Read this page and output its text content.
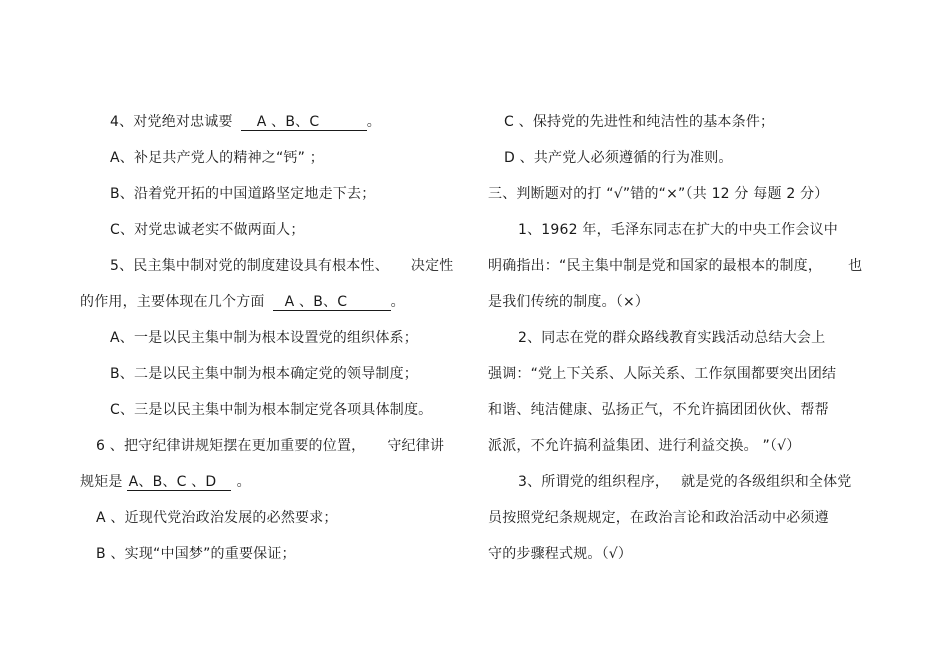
4、对党绝对忠诚要 A 、B、C	。
A、补足共产党人的精神之“钙” ；
B、沿着党开拓的中国道路坚定地走下去；
C、对党忠诚老实不做两面人；
5、民主集中制对党的制度建设具有根本性、 决定性
的作用，主要体现在几个方面 A 、B、C	。
A、一是以民主集中制为根本设置党的组织体系；
B、二是以民主集中制为根本确定党的领导制度；
C、三是以民主集中制为根本制定党各项具体制度。
6 、把守纪律讲规矩摆在更加重要的位置， 守纪律讲
规矩是 A、B、C 、D 。
A 、近现代党治政治发展的必然要求；
B 、实现“中国梦”的重要保证；
C 、保持党的先进性和纯洁性的基本条件；
D 、共产党人必须遵循的行为准则。
三、判断题对的打 “√”错的“×”（共 12 分 每题 2 分）
1、1962 年，毛泽东同志在扩大的中央工作会议中
明确指出：“民主集中制是党和国家的最根本的制度， 也
是我们传统的制度。（×）
2、同志在党的群众路线教育实践活动总结大会上
强调：“党上下关系、人际关系、工作氛围都要突出团结
和谐、纯洁健康、弘扬正气，不允许搞团团伙伙、帮帮
派派，不允许搞利益集团、进行利益交换。 ”（√）
3、所谓党的组织程序， 就是党的各级组织和全体党
员按照党纪条规规定，在政治言论和政治活动中必须遵
守的步骤程式规。（√）
